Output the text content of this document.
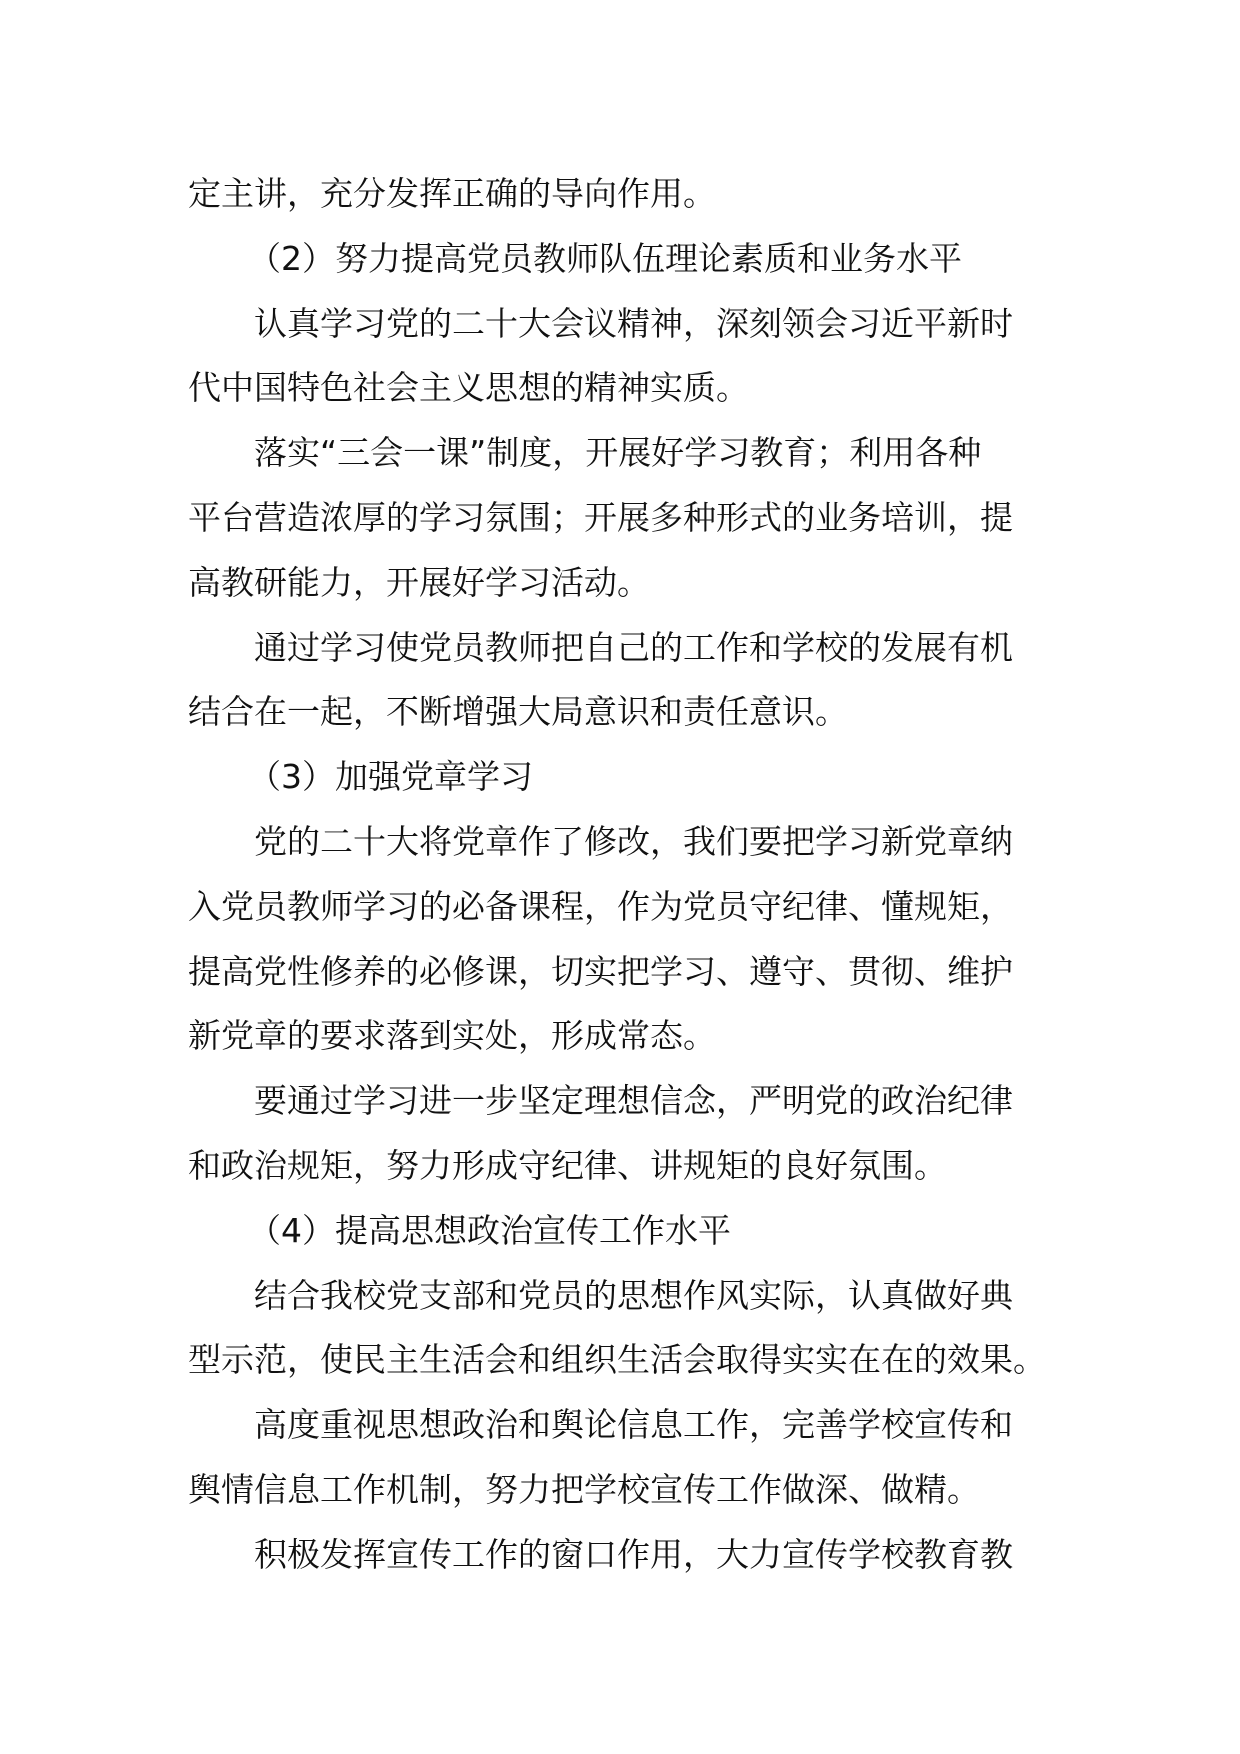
定主讲，充分发挥正确的导向作用。
（2）努力提高党员教师队伍理论素质和业务水平
认真学习党的二十大会议精神，深刻领会习近平新时
代中国特色社会主义思想的精神实质。
落实“三会一课”制度，开展好学习教育；利用各种
平台营造浓厚的学习氛围；开展多种形式的业务培训，提
高教研能力，开展好学习活动。
通过学习使党员教师把自己的工作和学校的发展有机
结合在一起，不断增强大局意识和责任意识。
（3）加强党章学习
党的二十大将党章作了修改，我们要把学习新党章纳
入党员教师学习的必备课程，作为党员守纪律、懂规矩，
提高党性修养的必修课，切实把学习、遵守、贯彻、维护
新党章的要求落到实处，形成常态。
要通过学习进一步坚定理想信念，严明党的政治纪律
和政治规矩，努力形成守纪律、讲规矩的良好氛围。
（4）提高思想政治宣传工作水平
结合我校党支部和党员的思想作风实际，认真做好典
型示范，使民主生活会和组织生活会取得实实在在的效果。
高度重视思想政治和舆论信息工作，完善学校宣传和
舆情信息工作机制，努力把学校宣传工作做深、做精。
积极发挥宣传工作的窗口作用，大力宣传学校教育教
